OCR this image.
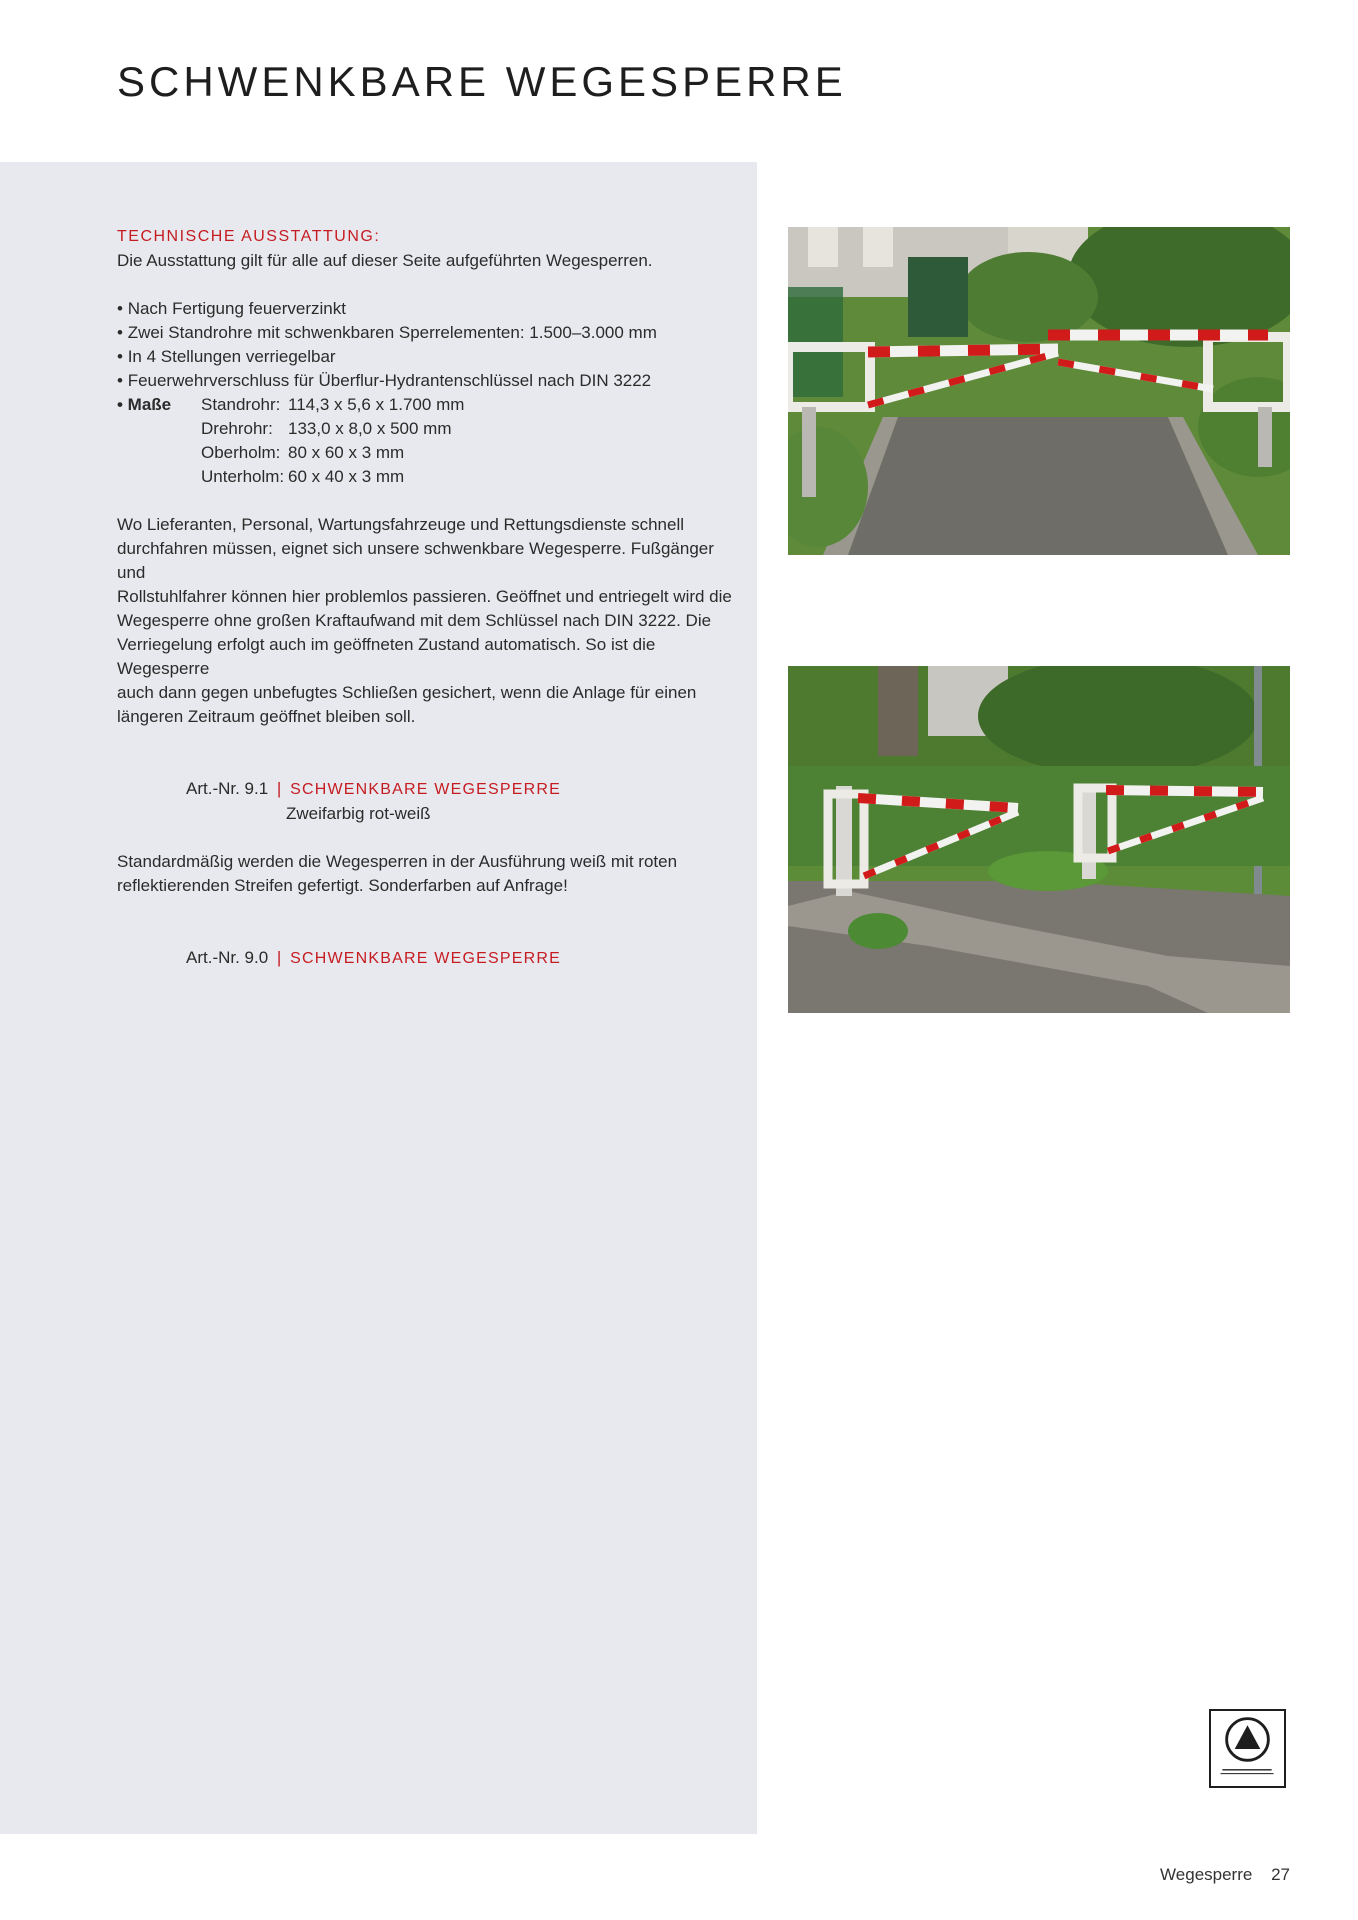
SCHWENKBARE WEGESPERRE
TECHNISCHE AUSSTATTUNG:
Die Ausstattung gilt für alle auf dieser Seite aufgeführten Wegesperren.
• Nach Fertigung feuerverzinkt
• Zwei Standrohre mit schwenkbaren Sperrelementen: 1.500–3.000 mm
• In 4 Stellungen verriegelbar
• Feuerwehrverschluss für Überflur-Hydrantenschlüssel nach DIN 3222
• Maße	Standrohr: 114,3 x 5,6 x 1.700 mm
Drehrohr: 133,0 x 8,0 x 500 mm
Oberholm: 80 x 60 x 3 mm
Unterholm: 60 x 40 x 3 mm
Wo Lieferanten, Personal, Wartungsfahrzeuge und Rettungsdienste schnell
durchfahren müssen, eignet sich unsere schwenkbare Wegesperre. Fußgänger und
Rollstuhlfahrer können hier problemlos passieren. Geöffnet und entriegelt wird die
Wegesperre ohne großen Kraftaufwand mit dem Schlüssel nach DIN 3222. Die
Verriegelung erfolgt auch im geöffneten Zustand automatisch. So ist die Wegesperre
auch dann gegen unbefugtes Schließen gesichert, wenn die Anlage für einen
längeren Zeitraum geöffnet bleiben soll.
Art.-Nr. 9.1 | SCHWENKBARE WEGESPERRE
Zweifarbig rot-weiß
Standardmäßig werden die Wegesperren in der Ausführung weiß mit roten
reflektierenden Streifen gefertigt. Sonderfarben auf Anfrage!
Art.-Nr. 9.0 | SCHWENKBARE WEGESPERRE
Wegesperre 27
